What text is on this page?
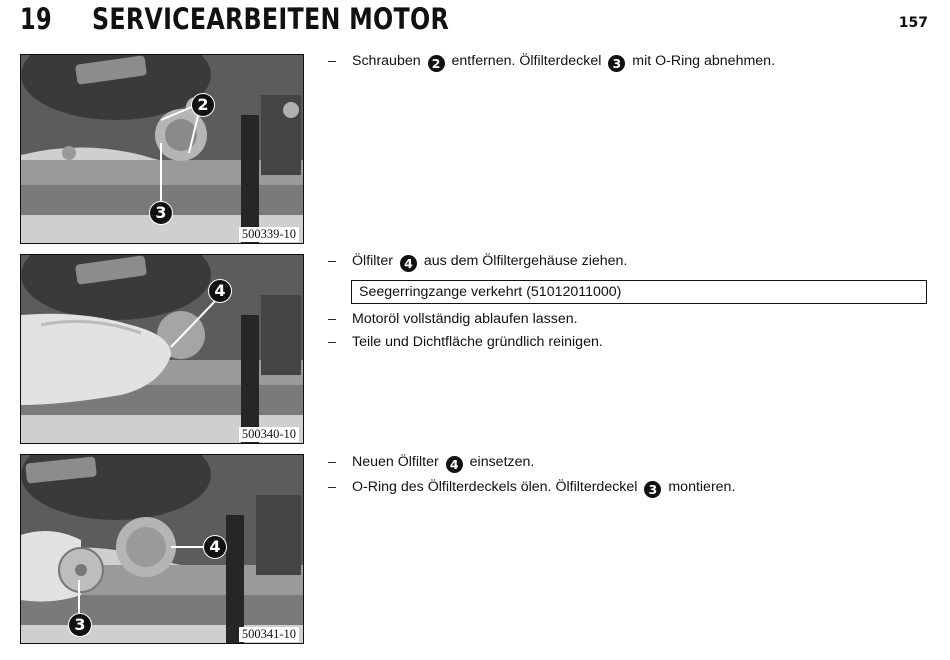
19 SERVICEARBEITEN MOTOR	157
2
3
500339-10
4
500340-10
4
3	500341-10
– Schrauben 2 entfernen. Ölfilterdeckel 3 mit O-Ring abnehmen.
– Ölfilter 4 aus dem Ölfiltergehäuse ziehen.
Seegerringzange verkehrt (51012011000)
– Motoröl vollständig ablaufen lassen.
– Teile und Dichtfläche gründlich reinigen.
– Neuen Ölfilter 4 einsetzen.
– O-Ring des Ölfilterdeckels ölen. Ölfilterdeckel 3 montieren.
